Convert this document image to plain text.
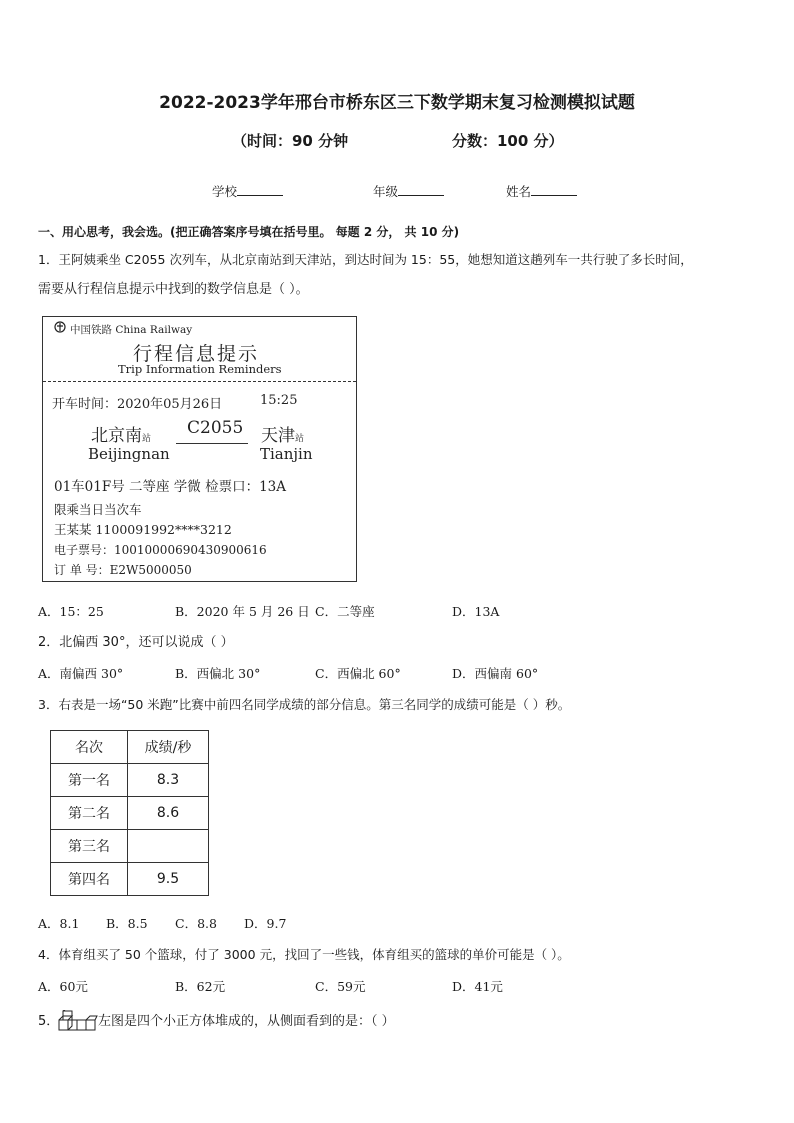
2022-2023学年邢台市桥东区三下数学期末复习检测模拟试题
（时间：90 分钟	分数：100 分）
学校	年级	姓名
一、用心思考，我会选。(把正确答案序号填在括号里。 每题 2 分， 共 10 分)
1．王阿姨乘坐 C2055 次列车，从北京南站到天津站，到达时间为 15：55，她想知道这趟列车一共行驶了多长时间，
需要从行程信息提示中找到的数学信息是（ ）。
中国铁路 China Railway
行程信息提示
Trip Information Reminders
开车时间：2020年05月26日	15:25
北京南站
C2055 天津站
Beijingnan	Tianjin
01车01F号 二等座 学微 检票口：13A
限乘当日当次车
王某某 1100091992****3212
电子票号：10010000690430900616
订 单 号：E2W5000050
A．15：25	B．2020 年 5 月 26 日 C．二等座	D．13A
2．北偏西 30°，还可以说成（ ）
A．南偏西 30°	B．西偏北 30°	C．西偏北 60°	D．西偏南 60°
3．右表是一场“50 米跑”比赛中前四名同学成绩的部分信息。第三名同学的成绩可能是（ ）秒。
名次	成绩/秒
第一名	8.3
第二名	8.6
第三名	
第四名	9.5
A．8.1 B．8.5 C．8.8 D．9.7
4．体育组买了 50 个篮球，付了 3000 元，找回了一些钱，体育组买的篮球的单价可能是（ ）。
A．60元	B．62元	C．59元	D．41元
5．	左图是四个小正方体堆成的，从侧面看到的是：（ ）
